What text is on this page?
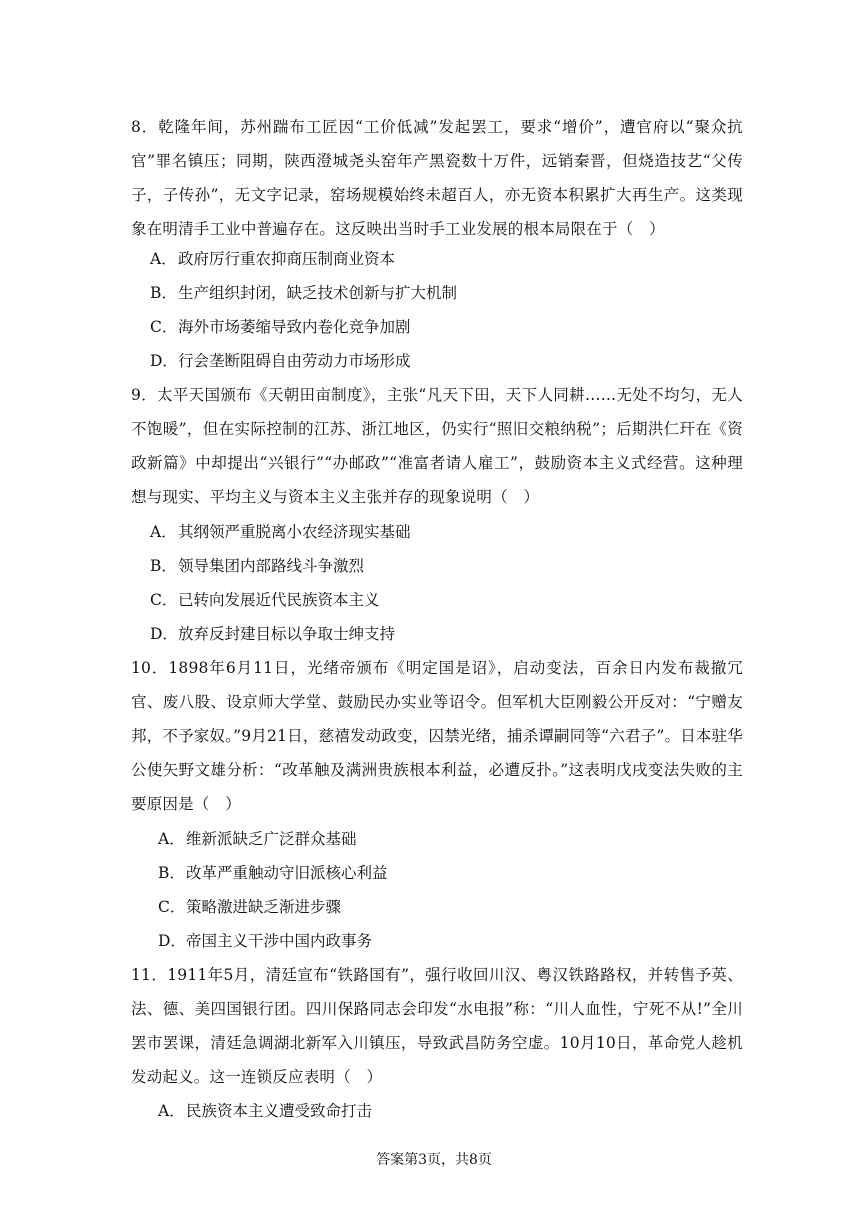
8．乾隆年间，苏州踹布工匠因“工价低减”发起罢工，要求“增价”，遭官府以“聚众抗官”罪名镇压；同期，陕西澄城尧头窑年产黑瓷数十万件，远销秦晋，但烧造技艺“父传子，子传孙”，无文字记录，窑场规模始终未超百人，亦无资本积累扩大再生产。这类现象在明清手工业中普遍存在。这反映出当时手工业发展的根本局限在于（　）

A．政府厉行重农抑商压制商业资本

B．生产组织封闭，缺乏技术创新与扩大机制

C．海外市场萎缩导致内卷化竞争加剧

D．行会垄断阻碍自由劳动力市场形成

9．太平天国颁布《天朝田亩制度》，主张“凡天下田，天下人同耕……无处不均匀，无人不饱暖”，但在实际控制的江苏、浙江地区，仍实行“照旧交粮纳税”；后期洪仁玕在《资政新篇》中却提出“兴银行”“办邮政”“准富者请人雇工”，鼓励资本主义式经营。这种理想与现实、平均主义与资本主义主张并存的现象说明（　）

A．其纲领严重脱离小农经济现实基础

B．领导集团内部路线斗争激烈

C．已转向发展近代民族资本主义

D．放弃反封建目标以争取士绅支持

10．1898年6月11日，光绪帝颁布《明定国是诏》，启动变法，百余日内发布裁撤冗官、废八股、设京师大学堂、鼓励民办实业等诏令。但军机大臣刚毅公开反对：“宁赠友邦，不予家奴。”9月21日，慈禧发动政变，囚禁光绪，捕杀谭嗣同等“六君子”。日本驻华公使矢野文雄分析：“改革触及满洲贵族根本利益，必遭反扑。”这表明戊戌变法失败的主要原因是（　）

A．维新派缺乏广泛群众基础

B．改革严重触动守旧派核心利益

C．策略激进缺乏渐进步骤

D．帝国主义干涉中国内政事务

11．1911年5月，清廷宣布“铁路国有”，强行收回川汉、粤汉铁路路权，并转售予英、法、德、美四国银行团。四川保路同志会印发“水电报”称：“川人血性，宁死不从!”全川罢市罢课，清廷急调湖北新军入川镇压，导致武昌防务空虚。10月10日，革命党人趁机发动起义。这一连锁反应表明（　）

A．民族资本主义遭受致命打击

答案第3页，共8页
